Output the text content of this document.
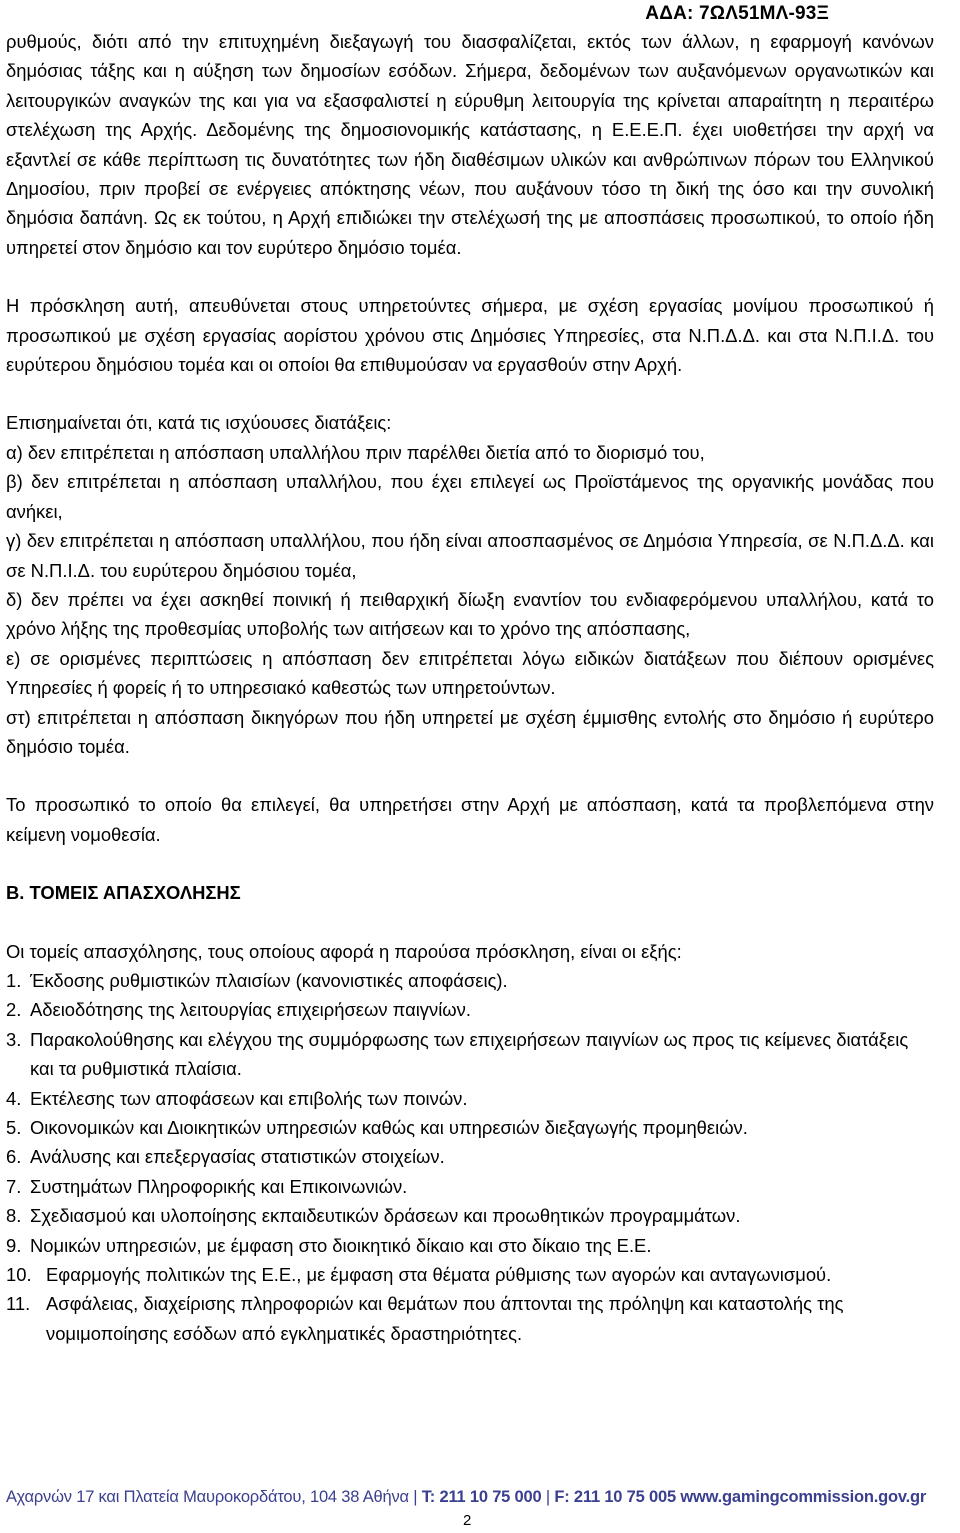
ΑΔΑ: 7ΩΛ51ΜΛ-93Ξ

ρυθμούς, διότι από την επιτυχημένη διεξαγωγή του διασφαλίζεται, εκτός των άλλων, η εφαρμογή κανόνων δημόσιας τάξης και η αύξηση των δημοσίων εσόδων. Σήμερα, δεδομένων των αυξανόμενων οργανωτικών και λειτουργικών αναγκών της και για να εξασφαλιστεί η εύρυθμη λειτουργία της κρίνεται απαραίτητη η περαιτέρω στελέχωση της Αρχής. Δεδομένης της δημοσιονομικής κατάστασης, η Ε.Ε.Ε.Π. έχει υιοθετήσει την αρχή να εξαντλεί σε κάθε περίπτωση τις δυνατότητες των ήδη διαθέσιμων υλικών και ανθρώπινων πόρων του Ελληνικού Δημοσίου, πριν προβεί σε ενέργειες απόκτησης νέων, που αυξάνουν τόσο τη δική της όσο και την συνολική δημόσια δαπάνη. Ως εκ τούτου, η Αρχή επιδιώκει την στελέχωσή της με αποσπάσεις προσωπικού, το οποίο ήδη υπηρετεί στον δημόσιο και τον ευρύτερο δημόσιο τομέα.

Η πρόσκληση αυτή, απευθύνεται στους υπηρετούντες σήμερα, με σχέση εργασίας μονίμου προσωπικού ή προσωπικού με σχέση εργασίας αορίστου χρόνου στις Δημόσιες Υπηρεσίες, στα Ν.Π.Δ.Δ. και στα Ν.Π.Ι.Δ. του ευρύτερου δημόσιου τομέα και οι οποίοι θα επιθυμούσαν να εργασθούν στην Αρχή.

Επισημαίνεται ότι, κατά τις ισχύουσες διατάξεις:

α) δεν επιτρέπεται η απόσπαση υπαλλήλου πριν παρέλθει διετία από το διορισμό του,

β) δεν επιτρέπεται η απόσπαση υπαλλήλου, που έχει επιλεγεί ως Προϊστάμενος της οργανικής μονάδας που ανήκει,

γ) δεν επιτρέπεται η απόσπαση υπαλλήλου, που ήδη είναι αποσπασμένος σε Δημόσια Υπηρεσία, σε Ν.Π.Δ.Δ. και σε Ν.Π.Ι.Δ. του ευρύτερου δημόσιου τομέα,

δ) δεν πρέπει να έχει ασκηθεί ποινική ή πειθαρχική δίωξη εναντίον του ενδιαφερόμενου υπαλλήλου, κατά το χρόνο λήξης της προθεσμίας υποβολής των αιτήσεων και το χρόνο της απόσπασης,

ε) σε ορισμένες περιπτώσεις η απόσπαση δεν επιτρέπεται λόγω ειδικών διατάξεων που διέπουν ορισμένες Υπηρεσίες ή φορείς ή το υπηρεσιακό καθεστώς των υπηρετούντων.

στ) επιτρέπεται η απόσπαση δικηγόρων που ήδη υπηρετεί με σχέση έμμισθης εντολής στο δημόσιο ή ευρύτερο δημόσιο τομέα.

Το προσωπικό το οποίο θα επιλεγεί, θα υπηρετήσει στην Αρχή με απόσπαση, κατά τα προβλεπόμενα στην κείμενη νομοθεσία.

Β. ΤΟΜΕΙΣ ΑΠΑΣΧΟΛΗΣΗΣ

Οι τομείς απασχόλησης, τους οποίους αφορά η παρούσα πρόσκληση, είναι οι εξής:

1. Έκδοσης ρυθμιστικών πλαισίων (κανονιστικές αποφάσεις).
2. Αδειοδότησης της λειτουργίας επιχειρήσεων παιγνίων.
3. Παρακολούθησης και ελέγχου της συμμόρφωσης των επιχειρήσεων παιγνίων ως προς τις κείμενες διατάξεις και τα ρυθμιστικά πλαίσια.
4. Εκτέλεσης των αποφάσεων και επιβολής των ποινών.
5. Οικονομικών και Διοικητικών υπηρεσιών καθώς και υπηρεσιών διεξαγωγής προμηθειών.
6. Ανάλυσης και επεξεργασίας στατιστικών στοιχείων.
7. Συστημάτων Πληροφορικής και Επικοινωνιών.
8. Σχεδιασμού και υλοποίησης εκπαιδευτικών δράσεων και προωθητικών προγραμμάτων.
9. Νομικών υπηρεσιών, με έμφαση στο διοικητικό δίκαιο και στο δίκαιο της Ε.Ε.
10. Εφαρμογής πολιτικών της Ε.Ε., με έμφαση στα θέματα ρύθμισης των αγορών και ανταγωνισμού.
11. Ασφάλειας, διαχείρισης πληροφοριών και θεμάτων που άπτονται της πρόληψη και καταστολής της νομιμοποίησης εσόδων από εγκληματικές δραστηριότητες.
Αχαρνών 17 και Πλατεία Μαυροκορδάτου, 104 38 Αθήνα | T: 211 10 75 000 | F: 211 10 75 005 www.gamingcommission.gov.gr
2
